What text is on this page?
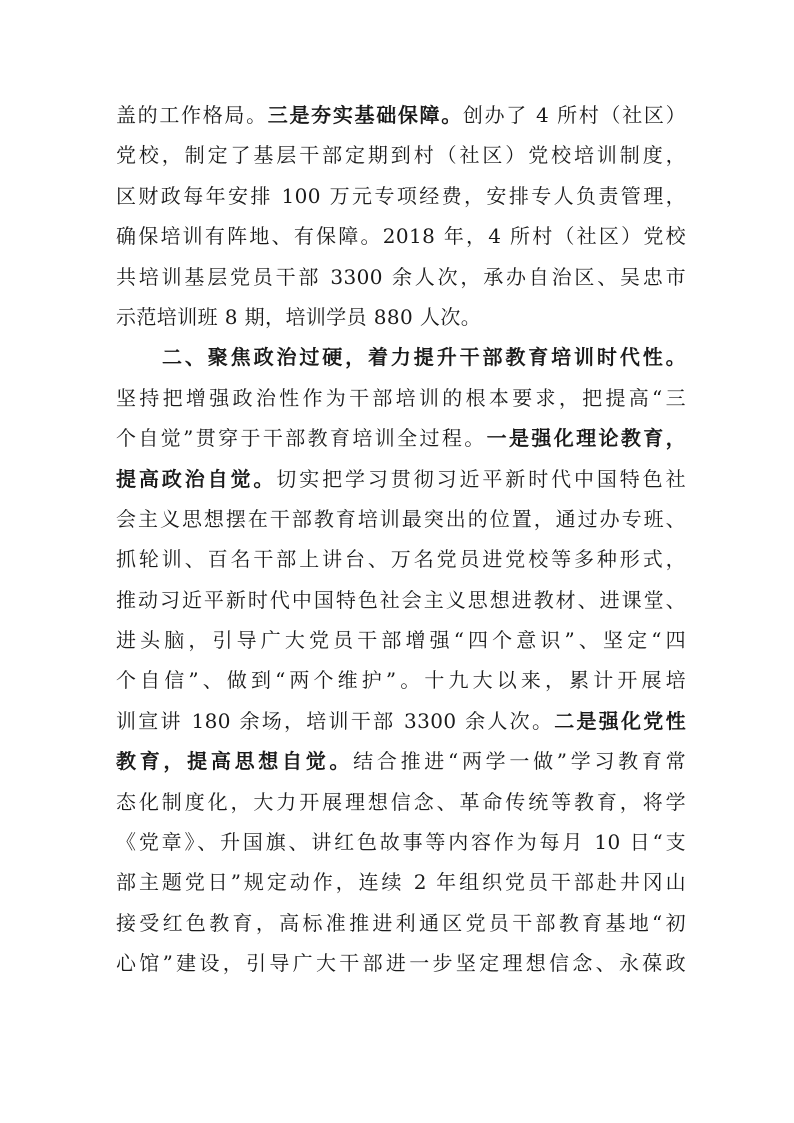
盖的工作格局。三是夯实基础保障。创办了 4 所村（社区）
党校，制定了基层干部定期到村（社区）党校培训制度，
区财政每年安排 100 万元专项经费，安排专人负责管理，
确保培训有阵地、有保障。2018 年，4 所村（社区）党校
共培训基层党员干部 3300 余人次，承办自治区、吴忠市
示范培训班 8 期，培训学员 880 人次。
二、聚焦政治过硬，着力提升干部教育培训时代性。
坚持把增强政治性作为干部培训的根本要求，把提高“三
个自觉”贯穿于干部教育培训全过程。一是强化理论教育，
提高政治自觉。切实把学习贯彻习近平新时代中国特色社
会主义思想摆在干部教育培训最突出的位置，通过办专班、
抓轮训、百名干部上讲台、万名党员进党校等多种形式，
推动习近平新时代中国特色社会主义思想进教材、进课堂、
进头脑，引导广大党员干部增强“四个意识”、坚定“四
个自信”、做到“两个维护”。十九大以来，累计开展培
训宣讲 180 余场，培训干部 3300 余人次。二是强化党性
教育，提高思想自觉。结合推进“两学一做”学习教育常
态化制度化，大力开展理想信念、革命传统等教育，将学
《党章》、升国旗、讲红色故事等内容作为每月 10 日“支
部主题党日”规定动作，连续 2 年组织党员干部赴井冈山
接受红色教育，高标准推进利通区党员干部教育基地“初
心馆”建设，引导广大干部进一步坚定理想信念、永葆政
